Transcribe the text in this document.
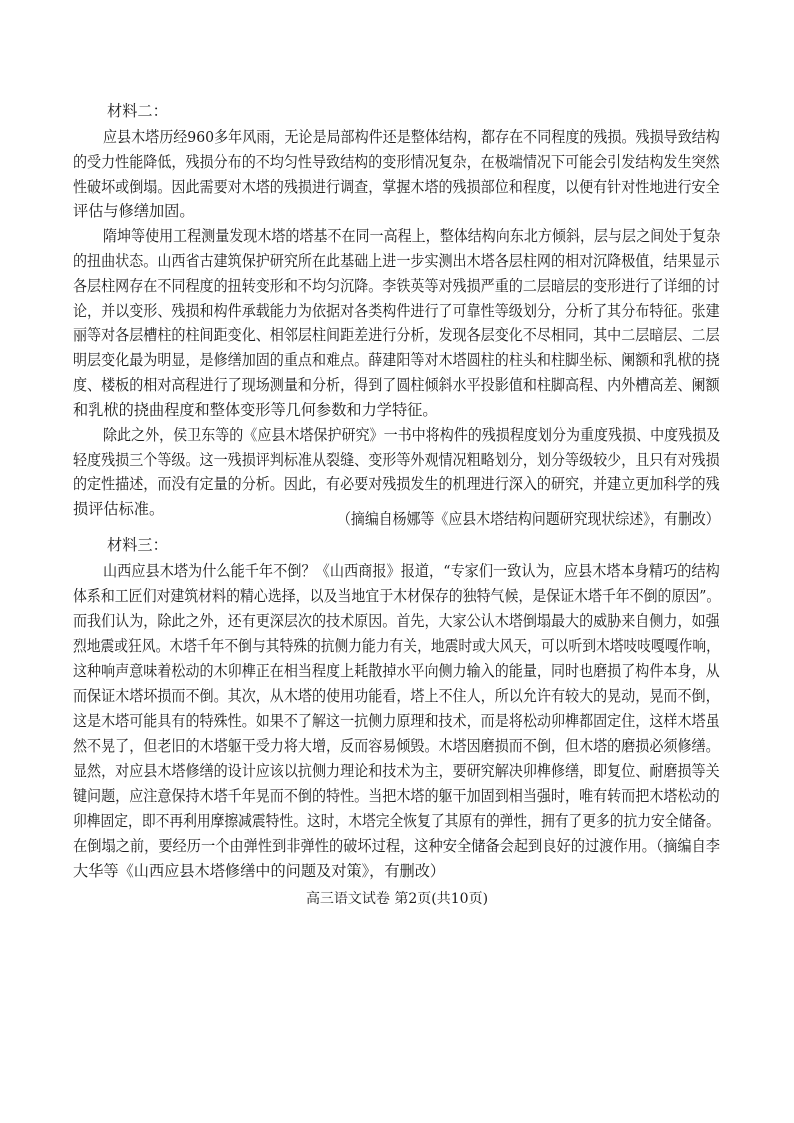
材料二：
应县木塔历经960多年风雨，无论是局部构件还是整体结构，都存在不同程度的残损。残损导致结构
的受力性能降低，残损分布的不均匀性导致结构的变形情况复杂，在极端情况下可能会引发结构发生突然
性破坏或倒塌。因此需要对木塔的残损进行调查，掌握木塔的残损部位和程度，以便有针对性地进行安全
评估与修缮加固。
隋坤等使用工程测量发现木塔的塔基不在同一高程上，整体结构向东北方倾斜，层与层之间处于复杂
的扭曲状态。山西省古建筑保护研究所在此基础上进一步实测出木塔各层柱网的相对沉降极值，结果显示
各层柱网存在不同程度的扭转变形和不均匀沉降。李铁英等对残损严重的二层暗层的变形进行了详细的讨
论，并以变形、残损和构件承载能力为依据对各类构件进行了可靠性等级划分，分析了其分布特征。张建
丽等对各层槽柱的柱间距变化、相邻层柱间距差进行分析，发现各层变化不尽相同，其中二层暗层、二层
明层变化最为明显，是修缮加固的重点和难点。薛建阳等对木塔圆柱的柱头和柱脚坐标、阑额和乳栿的挠
度、楼板的相对高程进行了现场测量和分析，得到了圆柱倾斜水平投影值和柱脚高程、内外槽高差、阑额
和乳栿的挠曲程度和整体变形等几何参数和力学特征。
除此之外，侯卫东等的《应县木塔保护研究》一书中将构件的残损程度划分为重度残损、中度残损及
轻度残损三个等级。这一残损评判标准从裂缝、变形等外观情况粗略划分，划分等级较少，且只有对残损
的定性描述，而没有定量的分析。因此，有必要对残损发生的机理进行深入的研究，并建立更加科学的残
损评估标准。
（摘编自杨娜等《应县木塔结构问题研究现状综述》，有删改）
材料三：
山西应县木塔为什么能千年不倒？《山西商报》报道，“专家们一致认为，应县木塔本身精巧的结构
体系和工匠们对建筑材料的精心选择，以及当地宜于木材保存的独特气候，是保证木塔千年不倒的原因”。
而我们认为，除此之外，还有更深层次的技术原因。首先，大家公认木塔倒塌最大的威胁来自侧力，如强
烈地震或狂风。木塔千年不倒与其特殊的抗侧力能力有关，地震时或大风天，可以听到木塔吱吱嘎嘎作响，
这种响声意味着松动的木卯榫正在相当程度上耗散掉水平向侧力输入的能量，同时也磨损了构件本身，从
而保证木塔坏损而不倒。其次，从木塔的使用功能看，塔上不住人，所以允许有较大的晃动，晃而不倒，
这是木塔可能具有的特殊性。如果不了解这一抗侧力原理和技术，而是将松动卯榫都固定住，这样木塔虽
然不晃了，但老旧的木塔躯干受力将大增，反而容易倾毁。木塔因磨损而不倒，但木塔的磨损必须修缮。
显然，对应县木塔修缮的设计应该以抗侧力理论和技术为主，要研究解决卯榫修缮，即复位、耐磨损等关
键问题，应注意保持木塔千年晃而不倒的特性。当把木塔的躯干加固到相当强时，唯有转而把木塔松动的
卯榫固定，即不再利用摩擦减震特性。这时，木塔完全恢复了其原有的弹性，拥有了更多的抗力安全储备。
在倒塌之前，要经历一个由弹性到非弹性的破坏过程，这种安全储备会起到良好的过渡作用。（摘编自李
大华等《山西应县木塔修缮中的问题及对策》，有删改）
高三语文试卷 第2页(共10页)
